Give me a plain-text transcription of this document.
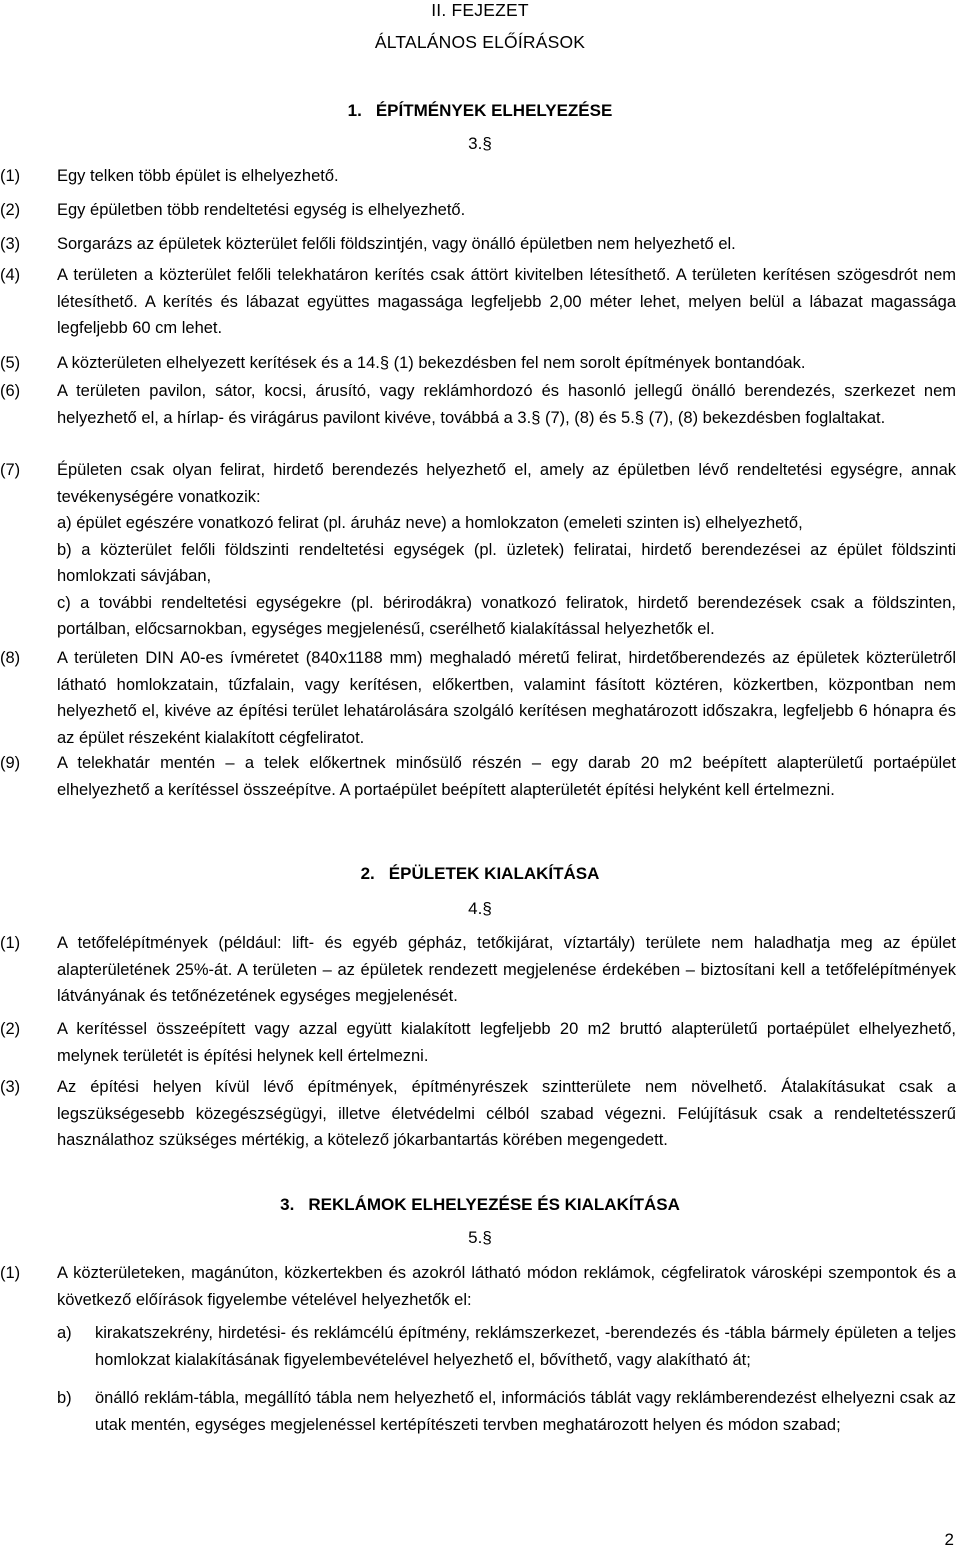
II. FEJEZET
ÁLTALÁNOS ELŐÍRÁSOK
1. ÉPÍTMÉNYEK ELHELYEZÉSE
3.§
(1)	Egy telken több épület is elhelyezhető.
(2)	Egy épületben több rendeltetési egység is elhelyezhető.
(3)	Sorgarázs az épületek közterület felőli földszintjén, vagy önálló épületben nem helyezhető el.
(4)	A területen a közterület felőli telekhatáron kerítés csak áttört kivitelben létesíthető. A területen kerítésen szögesdrót nem létesíthető. A kerítés és lábazat együttes magassága legfeljebb 2,00 méter lehet, melyen belül a lábazat magassága legfeljebb 60 cm lehet.
(5)	A közterületen elhelyezett kerítések és a 14.§ (1) bekezdésben fel nem sorolt építmények bontandóak.
(6)	A területen pavilon, sátor, kocsi, árusító, vagy reklámhordozó és hasonló jellegű önálló berendezés, szerkezet nem helyezhető el, a hírlap- és virágárus pavilont kivéve, továbbá a 3.§ (7), (8) és 5.§ (7), (8) bekezdésben foglaltakat.
(7)	Épületen csak olyan felirat, hirdető berendezés helyezhető el, amely az épületben lévő rendeltetési egységre, annak tevékenységére vonatkozik:
a) épület egészére vonatkozó felirat (pl. áruház neve) a homlokzaton (emeleti szinten is) elhelyezhető,
b) a közterület felőli földszinti rendeltetési egységek (pl. üzletek) feliratai, hirdető berendezései az épület földszinti homlokzati sávjában,
c) a további rendeltetési egységekre (pl. bérirodákra) vonatkozó feliratok, hirdető berendezések csak a földszinten, portálban, előcsarnokban, egységes megjelenésű, cserélhető kialakítással helyezhetők el.
(8)	A területen DIN A0-es ívméretet (840x1188 mm) meghaladó méretű felirat, hirdetőberendezés az épületek közterületről látható homlokzatain, tűzfalain, vagy kerítésen, előkertben, valamint fásított köztéren, közkertben, központban nem helyezhető el, kivéve az építési terület lehatárolására szolgáló kerítésen meghatározott időszakra, legfeljebb 6 hónapra és az épület részeként kialakított cégfeliratot.
(9)	A telekhatár mentén – a telek előkertnek minősülő részén – egy darab 20 m2 beépített alapterületű portaépület elhelyezhető a kerítéssel összeépítve. A portaépület beépített alapterületét építési helyként kell értelmezni.
2. ÉPÜLETEK KIALAKÍTÁSA
4.§
(1)	A tetőfelépítmények (például: lift- és egyéb gépház, tetőkijárat, víztartály) területe nem haladhatja meg az épület alapterületének 25%-át. A területen – az épületek rendezett megjelenése érdekében – biztosítani kell a tetőfelépítmények látványának és tetőnézetének egységes megjelenését.
(2)	A kerítéssel összeépített vagy azzal együtt kialakított legfeljebb 20 m2 bruttó alapterületű portaépület elhelyezhető, melynek területét is építési helynek kell értelmezni.
(3)	Az építési helyen kívül lévő építmények, építményrészek szintterülete nem növelhető. Átalakításukat csak a legszükségesebb közegészségügyi, illetve életvédelmi célból szabad végezni. Felújításuk csak a rendeltetésszerű használathoz szükséges mértékig, a kötelező jókarbantartás körében megengedett.
3. REKLÁMOK ELHELYEZÉSE ÉS KIALAKÍTÁSA
5.§
(1)	A közterületeken, magánúton, közkertekben és azokról látható módon reklámok, cégfeliratok városképi szempontok és a következő előírások figyelembe vételével helyezhetők el:
a)	kirakatszekrény, hirdetési- és reklámcélú építmény, reklámszerkezet, -berendezés és -tábla bármely épületen a teljes homlokzat kialakításának figyelembevételével helyezhető el, bővíthető, vagy alakítható át;
b)	önálló reklám-tábla, megállító tábla nem helyezhető el, információs táblát vagy reklámberendezést elhelyezni csak az utak mentén, egységes megjelenéssel kertépítészeti tervben meghatározott helyen és módon szabad;
2
